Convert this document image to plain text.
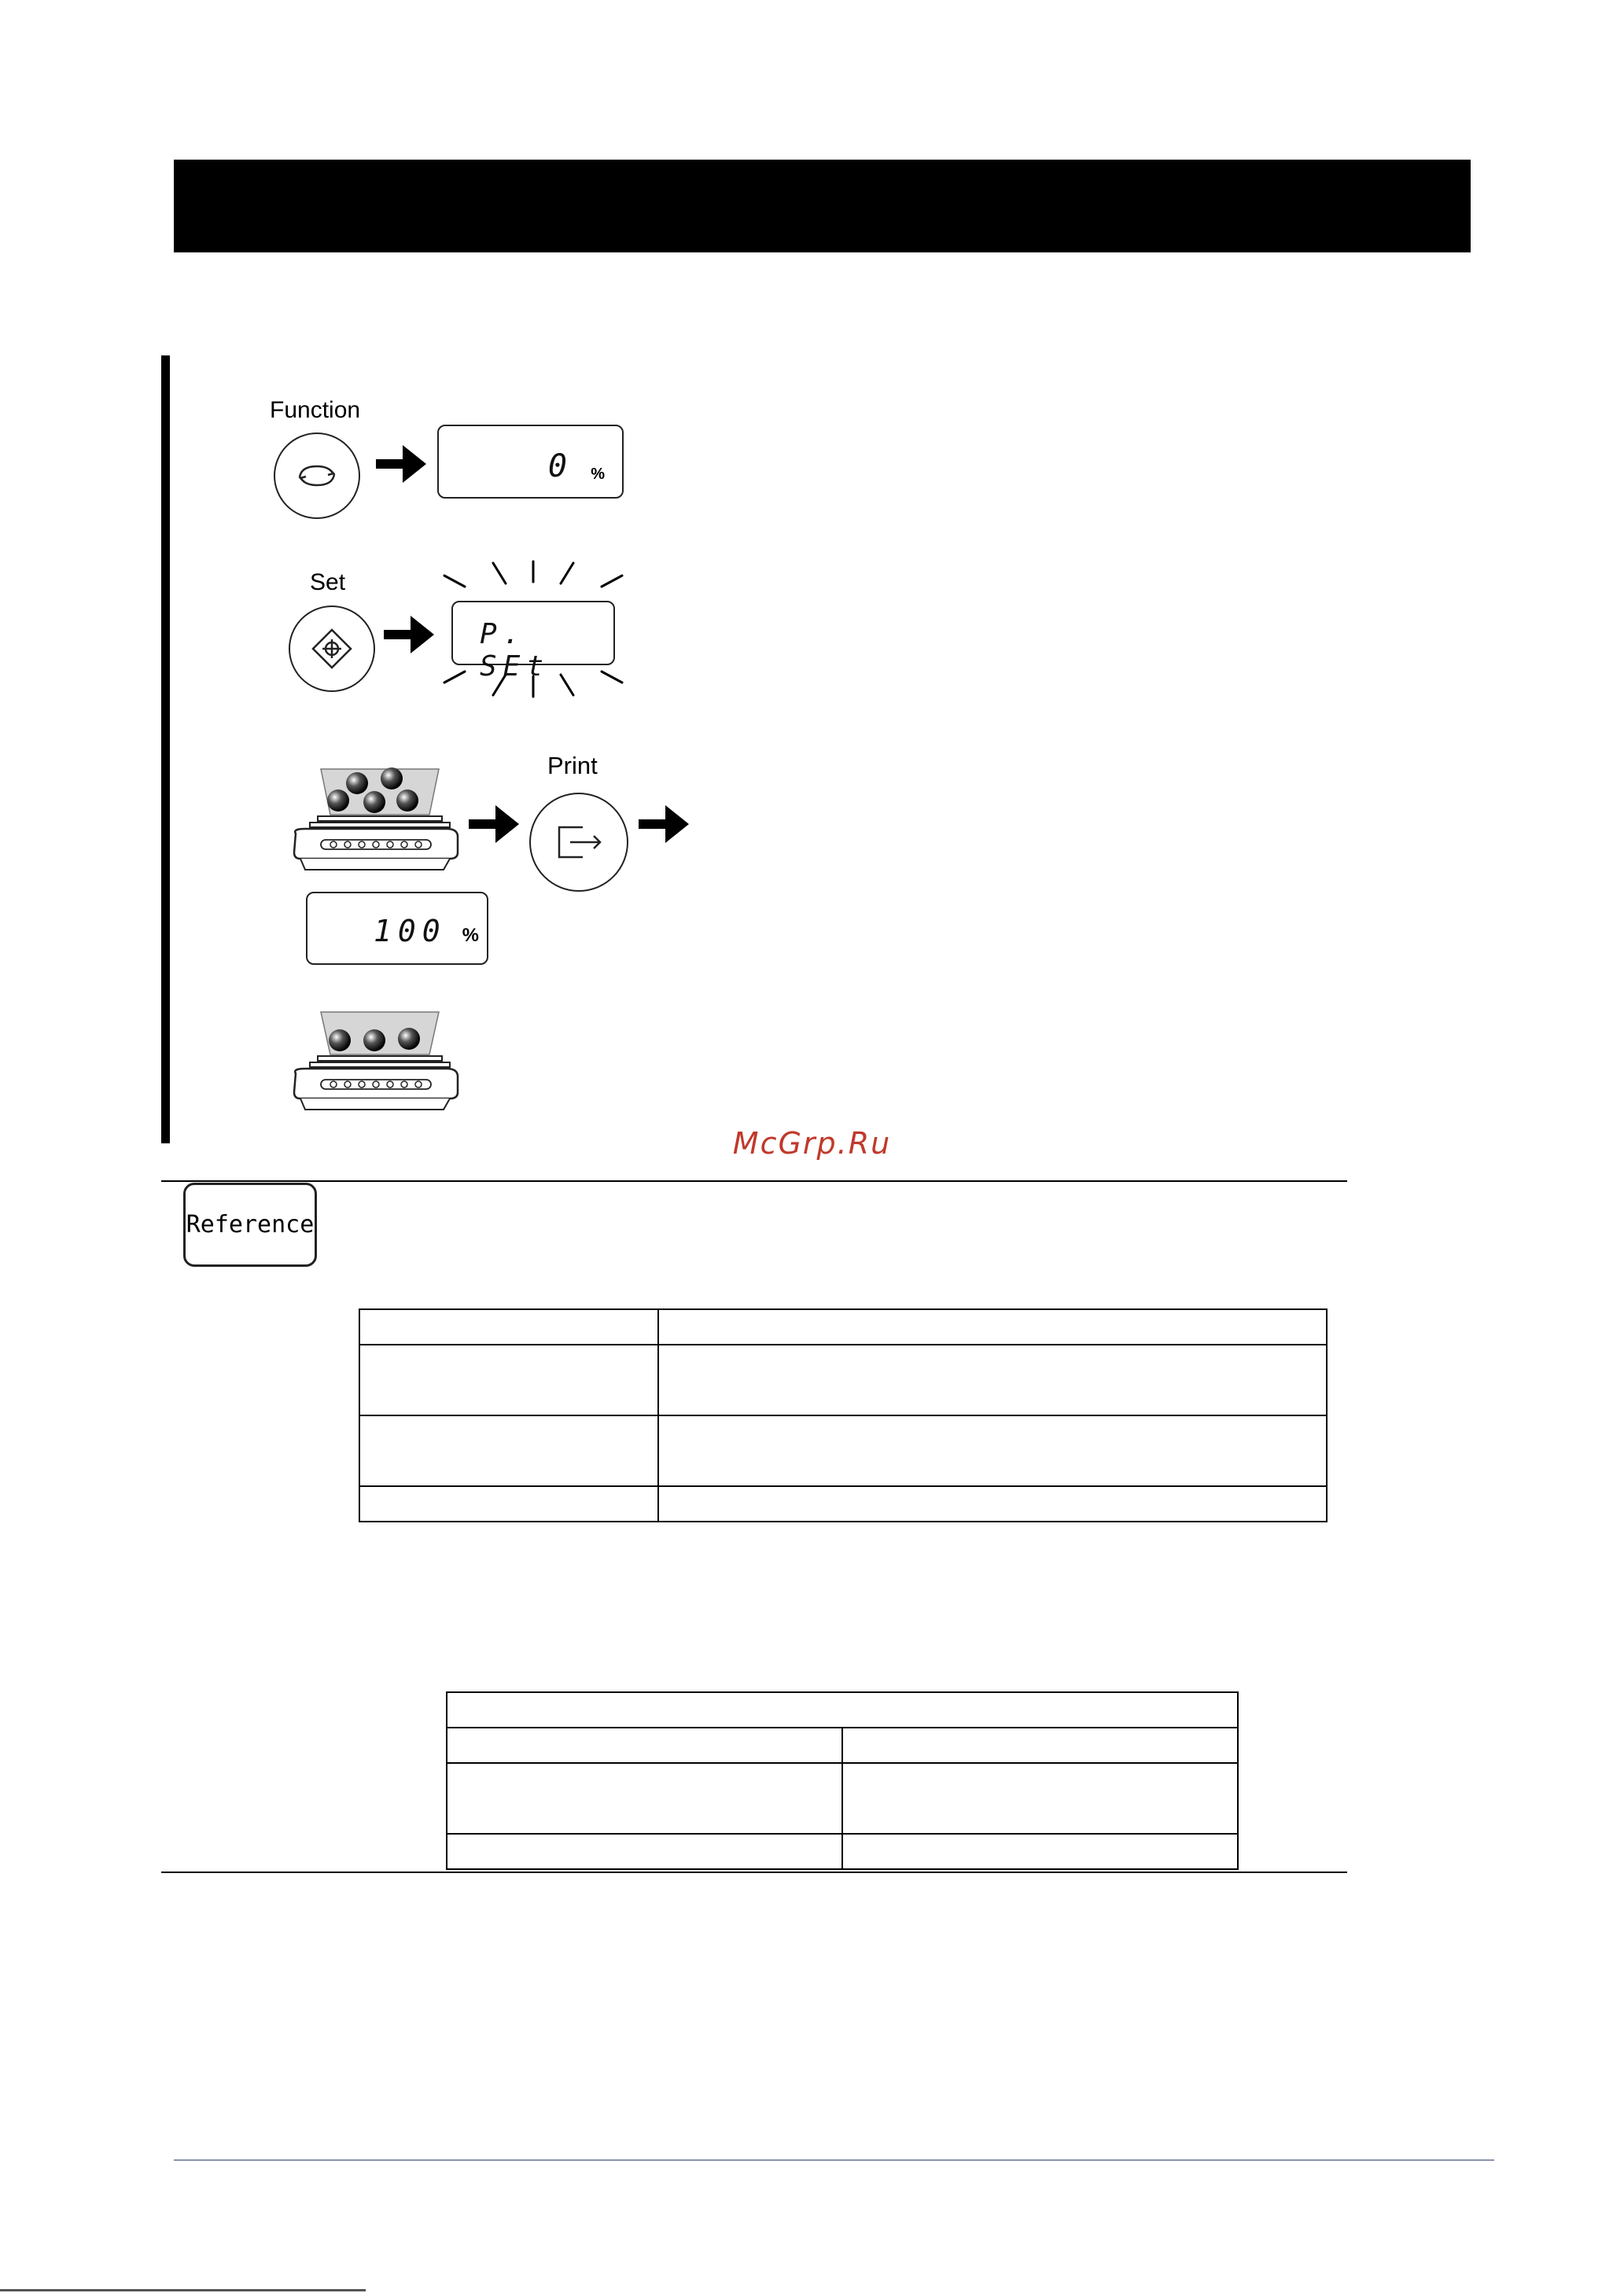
Function
0 %
Set
P. SEt
Print
100 %
McGrp.Ru
Reference
